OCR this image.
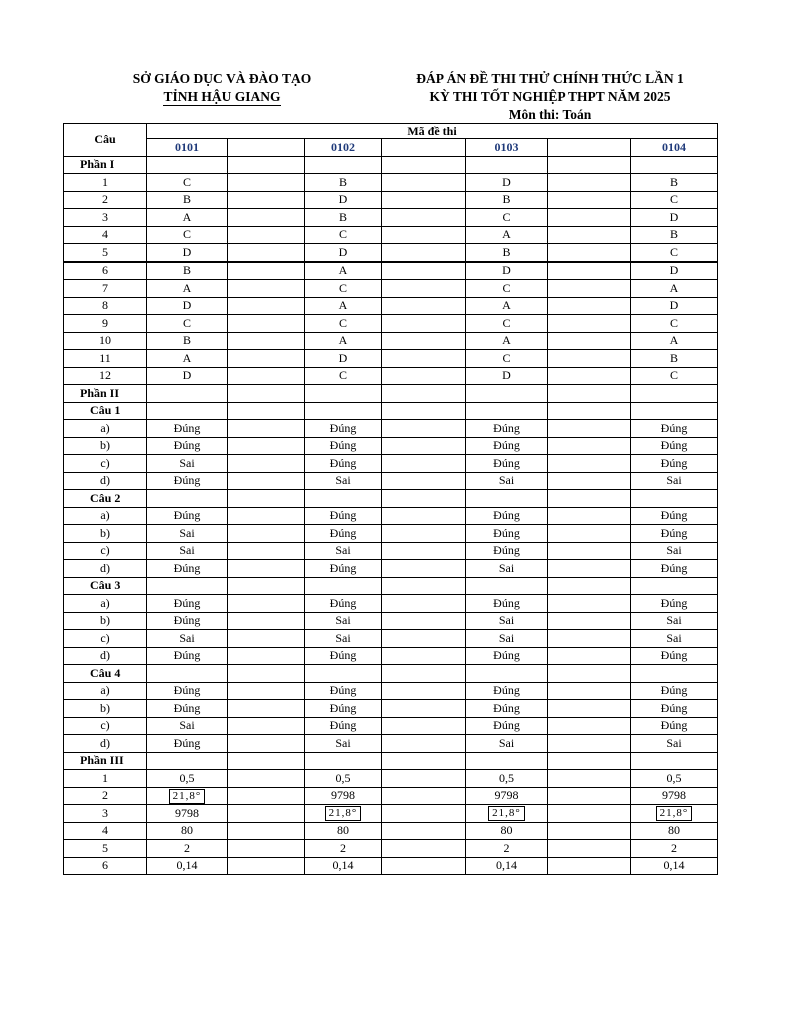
SỞ GIÁO DỤC VÀ ĐÀO TẠO
TỈNH HẬU GIANG
ĐÁP ÁN ĐỀ THI THỬ CHÍNH THỨC LẦN 1
KỲ THI TỐT NGHIỆP THPT NĂM 2025
Môn thi: Toán
Câu	Mã đề thi						
	0101		0102		0103		0104
Phần I							
1	C		B		D		B
2	B		D		B		C
3	A		B		C		D
4	C		C		A		B
5	D		D		B		C
6	B		A		D		D
7	A		C		C		A
8	D		A		A		D
9	C		C		C		C
10	B		A		A		A
11	A		D		C		B
12	D		C		D		C
Phần II							
Câu 1							
a)	Đúng		Đúng		Đúng		Đúng
b)	Đúng		Đúng		Đúng		Đúng
c)	Sai		Đúng		Đúng		Đúng
d)	Đúng		Sai		Sai		Sai
Câu 2							
a)	Đúng		Đúng		Đúng		Đúng
b)	Sai		Đúng		Đúng		Đúng
c)	Sai		Sai		Đúng		Sai
d)	Đúng		Đúng		Sai		Đúng
Câu 3							
a)	Đúng		Đúng		Đúng		Đúng
b)	Đúng		Sai		Sai		Sai
c)	Sai		Sai		Sai		Sai
d)	Đúng		Đúng		Đúng		Đúng
Câu 4							
a)	Đúng		Đúng		Đúng		Đúng
b)	Đúng		Đúng		Đúng		Đúng
c)	Sai		Đúng		Đúng		Đúng
d)	Đúng		Sai		Sai		Sai
Phần III							
1	0,5		0,5		0,5		0,5
2	21,8°		9798		9798		9798
3	9798		21,8°		21,8°		21,8°
4	80		80		80		80
5	2		2		2		2
6	0,14		0,14		0,14		0,14
